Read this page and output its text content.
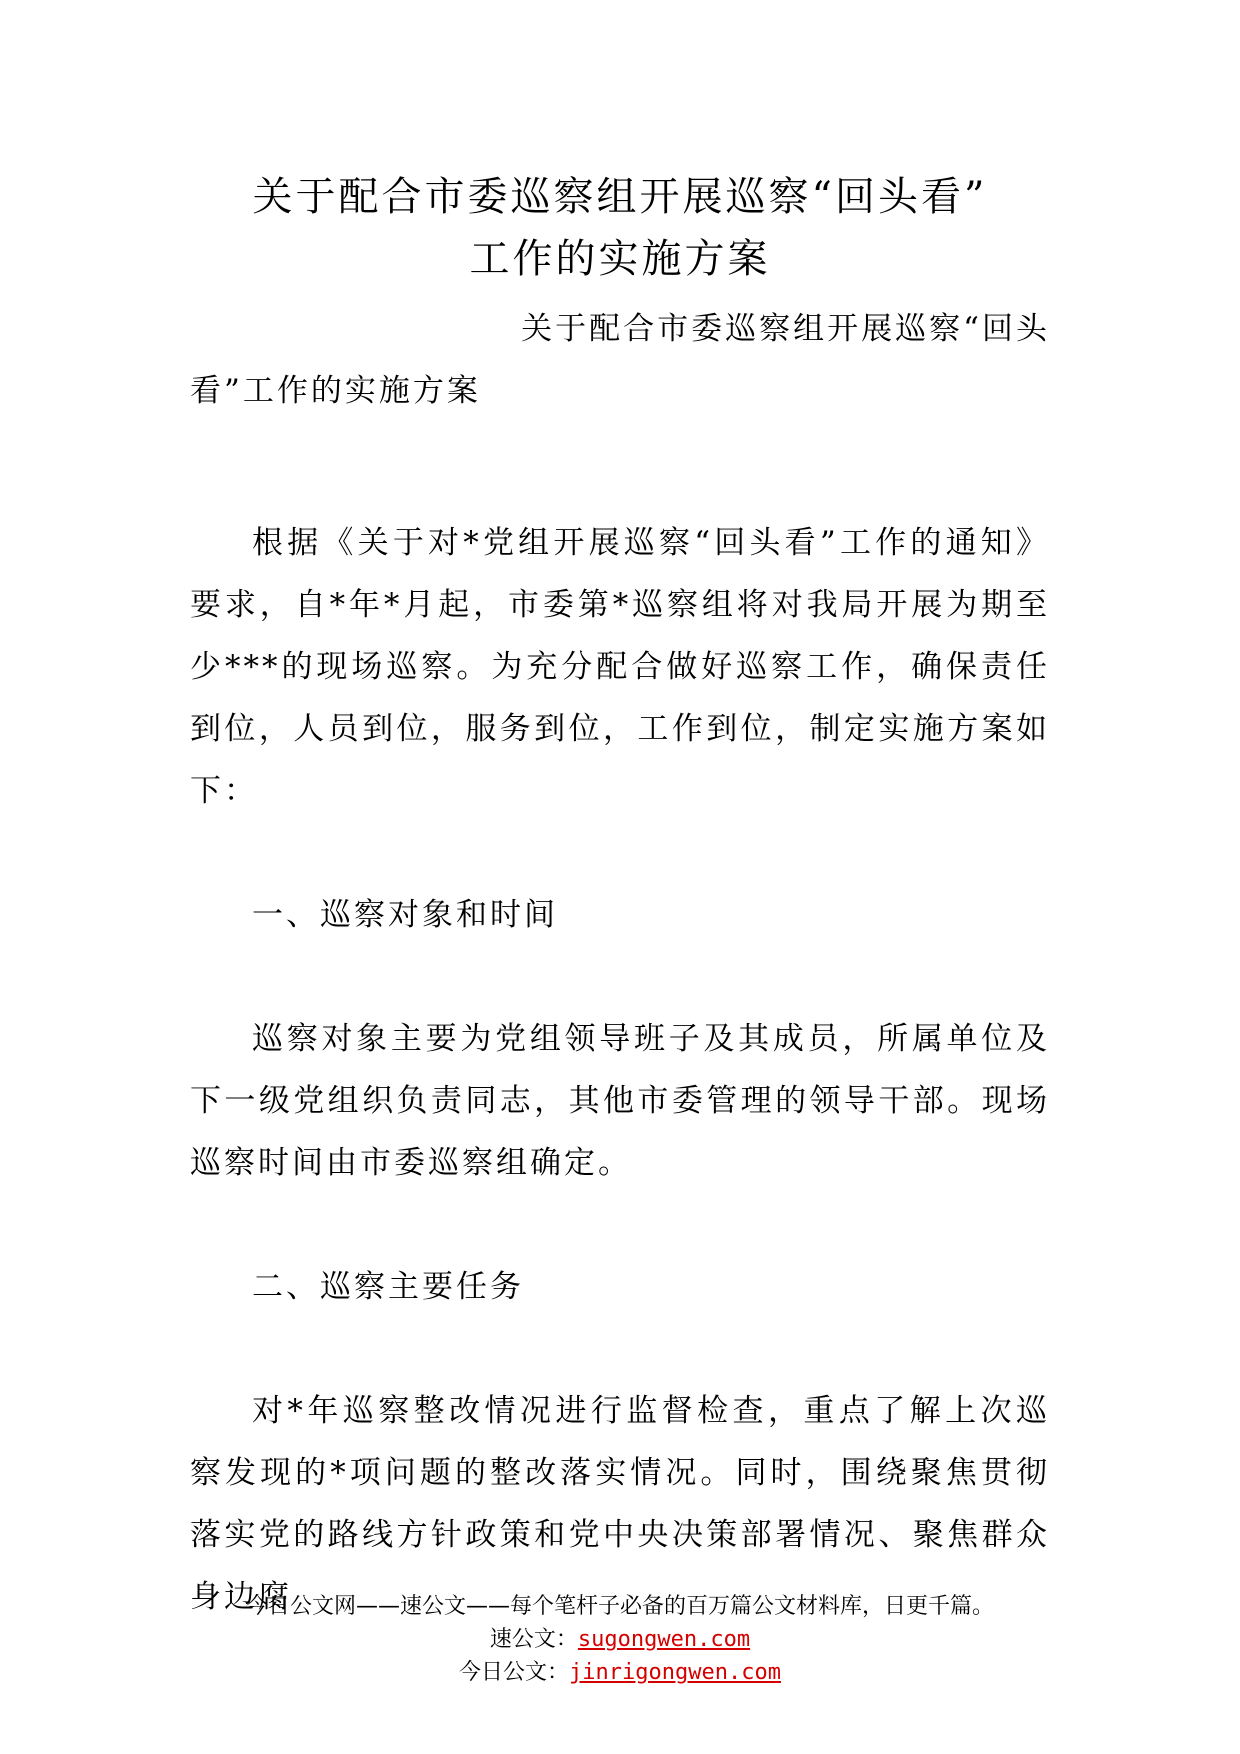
关于配合市委巡察组开展巡察“回头看”
工作的实施方案

关于配合市委巡察组开展巡察“回头
看”工作的实施方案

根据《关于对*党组开展巡察“回头看”工作的通知》要求，自*年*月起，市委第*巡察组将对我局开展为期至少***的现场巡察。为充分配合做好巡察工作，确保责任到位，人员到位，服务到位，工作到位，制定实施方案如下：

一、巡察对象和时间

巡察对象主要为党组领导班子及其成员，所属单位及下一级党组织负责同志，其他市委管理的领导干部。现场巡察时间由市委巡察组确定。

二、巡察主要任务

对*年巡察整改情况进行监督检查，重点了解上次巡察发现的*项问题的整改落实情况。同时，围绕聚焦贯彻落实党的路线方针政策和党中央决策部署情况、聚焦群众身边腐

今日公文网——速公文——每个笔杆子必备的百万篇公文材料库，日更千篇。
速公文：sugongwen.com
今日公文：jinrigongwen.com
